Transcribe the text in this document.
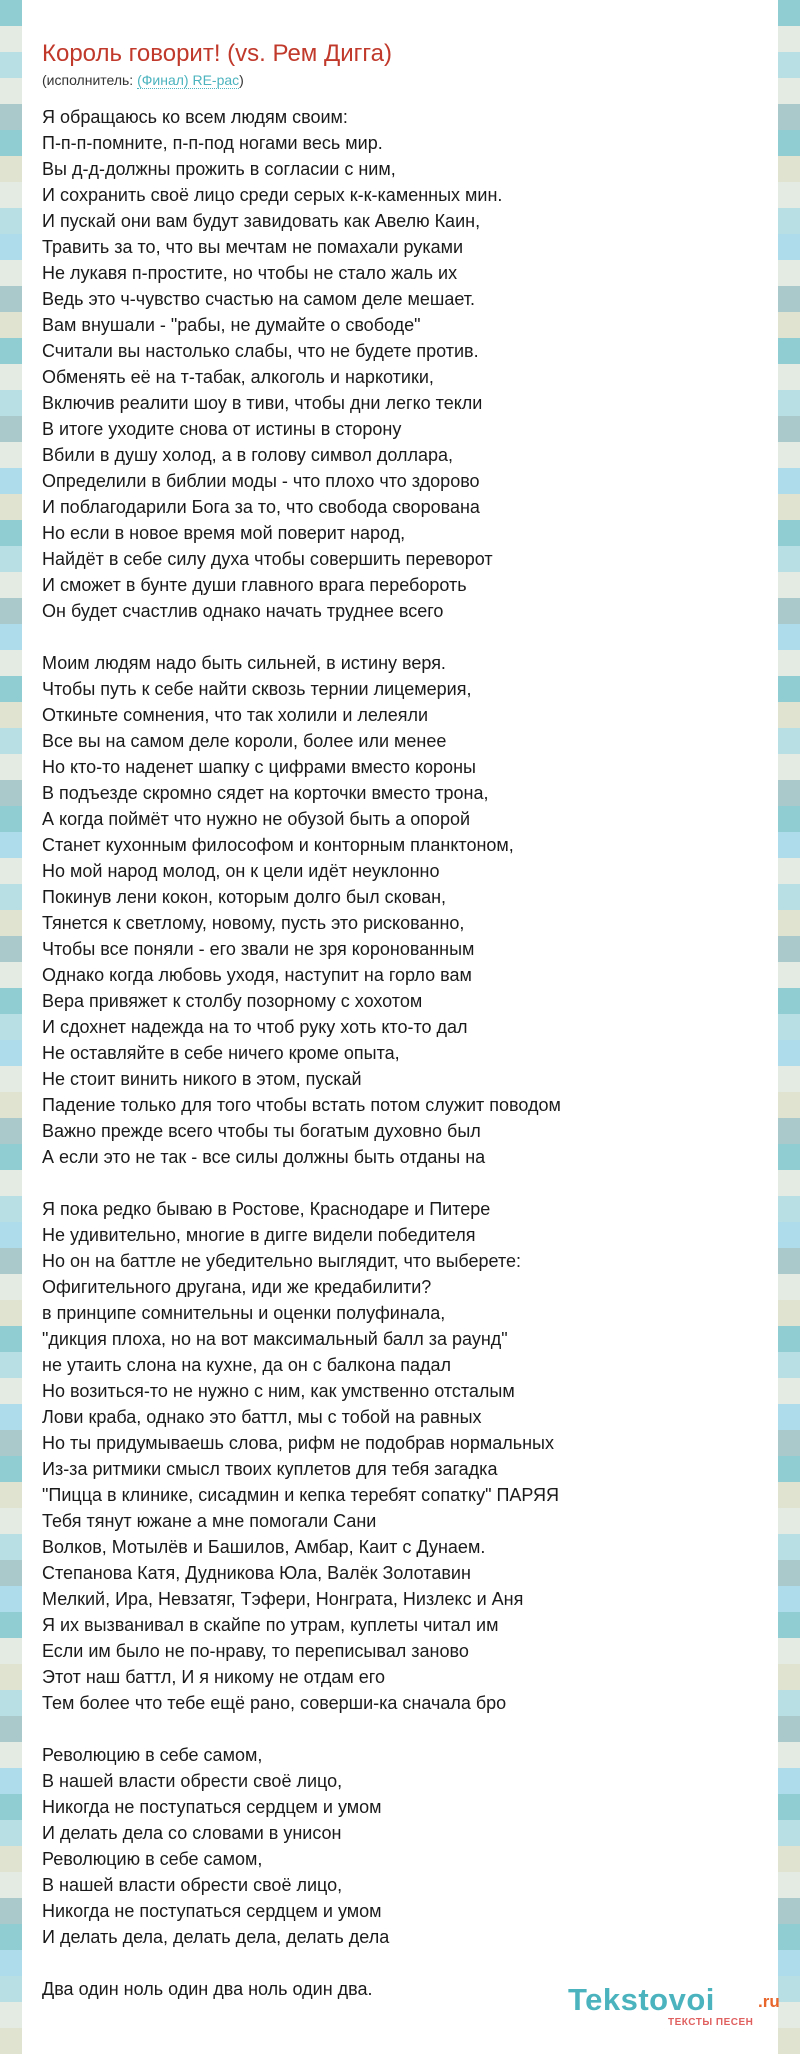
Король говорит! (vs. Рем Дигга)
(исполнитель: (Финал) RE-pac)
Я обращаюсь ко всем людям своим:
П-п-п-помните, п-п-под ногами весь мир.
Вы д-д-должны прожить в согласии с ним,
И сохранить своё лицо среди серых к-к-каменных мин.
И пускай они вам будут завидовать как Авелю Каин,
Травить за то, что вы мечтам не помахали руками
Не лукавя п-простите, но чтобы не стало жаль их
Ведь это ч-чувство счастью на самом деле мешает.
Вам внушали - "рабы, не думайте о свободе"
Считали вы настолько слабы, что не будете против.
Обменять её на т-табак, алкоголь и наркотики,
Включив реалити шоу в тиви, чтобы дни легко текли
В итоге уходите снова от истины в сторону
Вбили в душу холод, а в голову символ доллара,
Определили в библии моды - что плохо что здорово
И поблагодарили Бога за то, что свобода сворована
Но если в новое время мой поверит народ,
Найдёт в себе силу духа чтобы совершить переворот
И сможет в бунте души главного врага перебороть
Он будет счастлив однако начать труднее всего
Моим людям надо быть сильней, в истину веря.
Чтобы путь к себе найти сквозь тернии лицемерия,
Откиньте сомнения, что так холили и лелеяли
Все вы на самом деле короли, более или менее
Но кто-то наденет шапку с цифрами вместо короны
В подъезде скромно сядет на корточки вместо трона,
А когда поймёт что нужно не обузой быть а опорой
Станет кухонным философом и конторным планктоном,
Но мой народ молод, он к цели идёт неуклонно
Покинув лени кокон, которым долго был скован,
Тянется к светлому, новому, пусть это рискованно,
Чтобы все поняли - его звали не зря коронованным
Однако когда любовь уходя, наступит на горло вам
Вера привяжет к столбу позорному с хохотом
И сдохнет надежда на то чтоб руку хоть кто-то дал
Не оставляйте в себе ничего кроме опыта,
Не стоит винить никого в этом, пускай
Падение только для того чтобы встать потом служит поводом
Важно прежде всего чтобы ты богатым духовно был
А если это не так - все силы должны быть отданы на
Я пока редко бываю в Ростове, Краснодаре и Питере
Не удивительно, многие в дигге видели победителя
Но он на баттле не убедительно выглядит, что выберете:
Офигительного другана, иди же кредабилити?
в принципе сомнительны и оценки полуфинала,
"дикция плоха, но на вот максимальный балл за раунд"
не утаить слона на кухне, да он с балкона падал
Но возиться-то не нужно с ним, как умственно отсталым
Лови краба, однако это баттл, мы с тобой на равных
Но ты придумываешь слова, рифм не подобрав нормальных
Из-за ритмики смысл твоих куплетов для тебя загадка
"Пицца в клинике, сисадмин и кепка теребят сопатку" ПАРЯЯ
Тебя тянут южане а мне помогали Сани
Волков, Мотылёв и Башилов, Амбар, Каит с Дунаем.
Степанова Катя, Дудникова Юла, Валёк Золотавин
Мелкий, Ира, Невзатяг, Тэфери, Нонграта, Низлекс и Аня
Я их вызванивал в скайпе по утрам, куплеты читал им
Если им было не по-нраву, то переписывал заново
Этот наш баттл, И я никому не отдам его
Тем более что тебе ещё рано, соверши-ка сначала бро
Революцию в себе самом,
В нашей власти обрести своё лицо,
Никогда не поступаться сердцем и умом
И делать дела со словами в унисон
Революцию в себе самом,
В нашей власти обрести своё лицо,
Никогда не поступаться сердцем и умом
И делать дела, делать дела, делать дела
Два один ноль один два ноль один два.	Tekstovoi	.ru
ТЕКСТЫ ПЕСЕН
